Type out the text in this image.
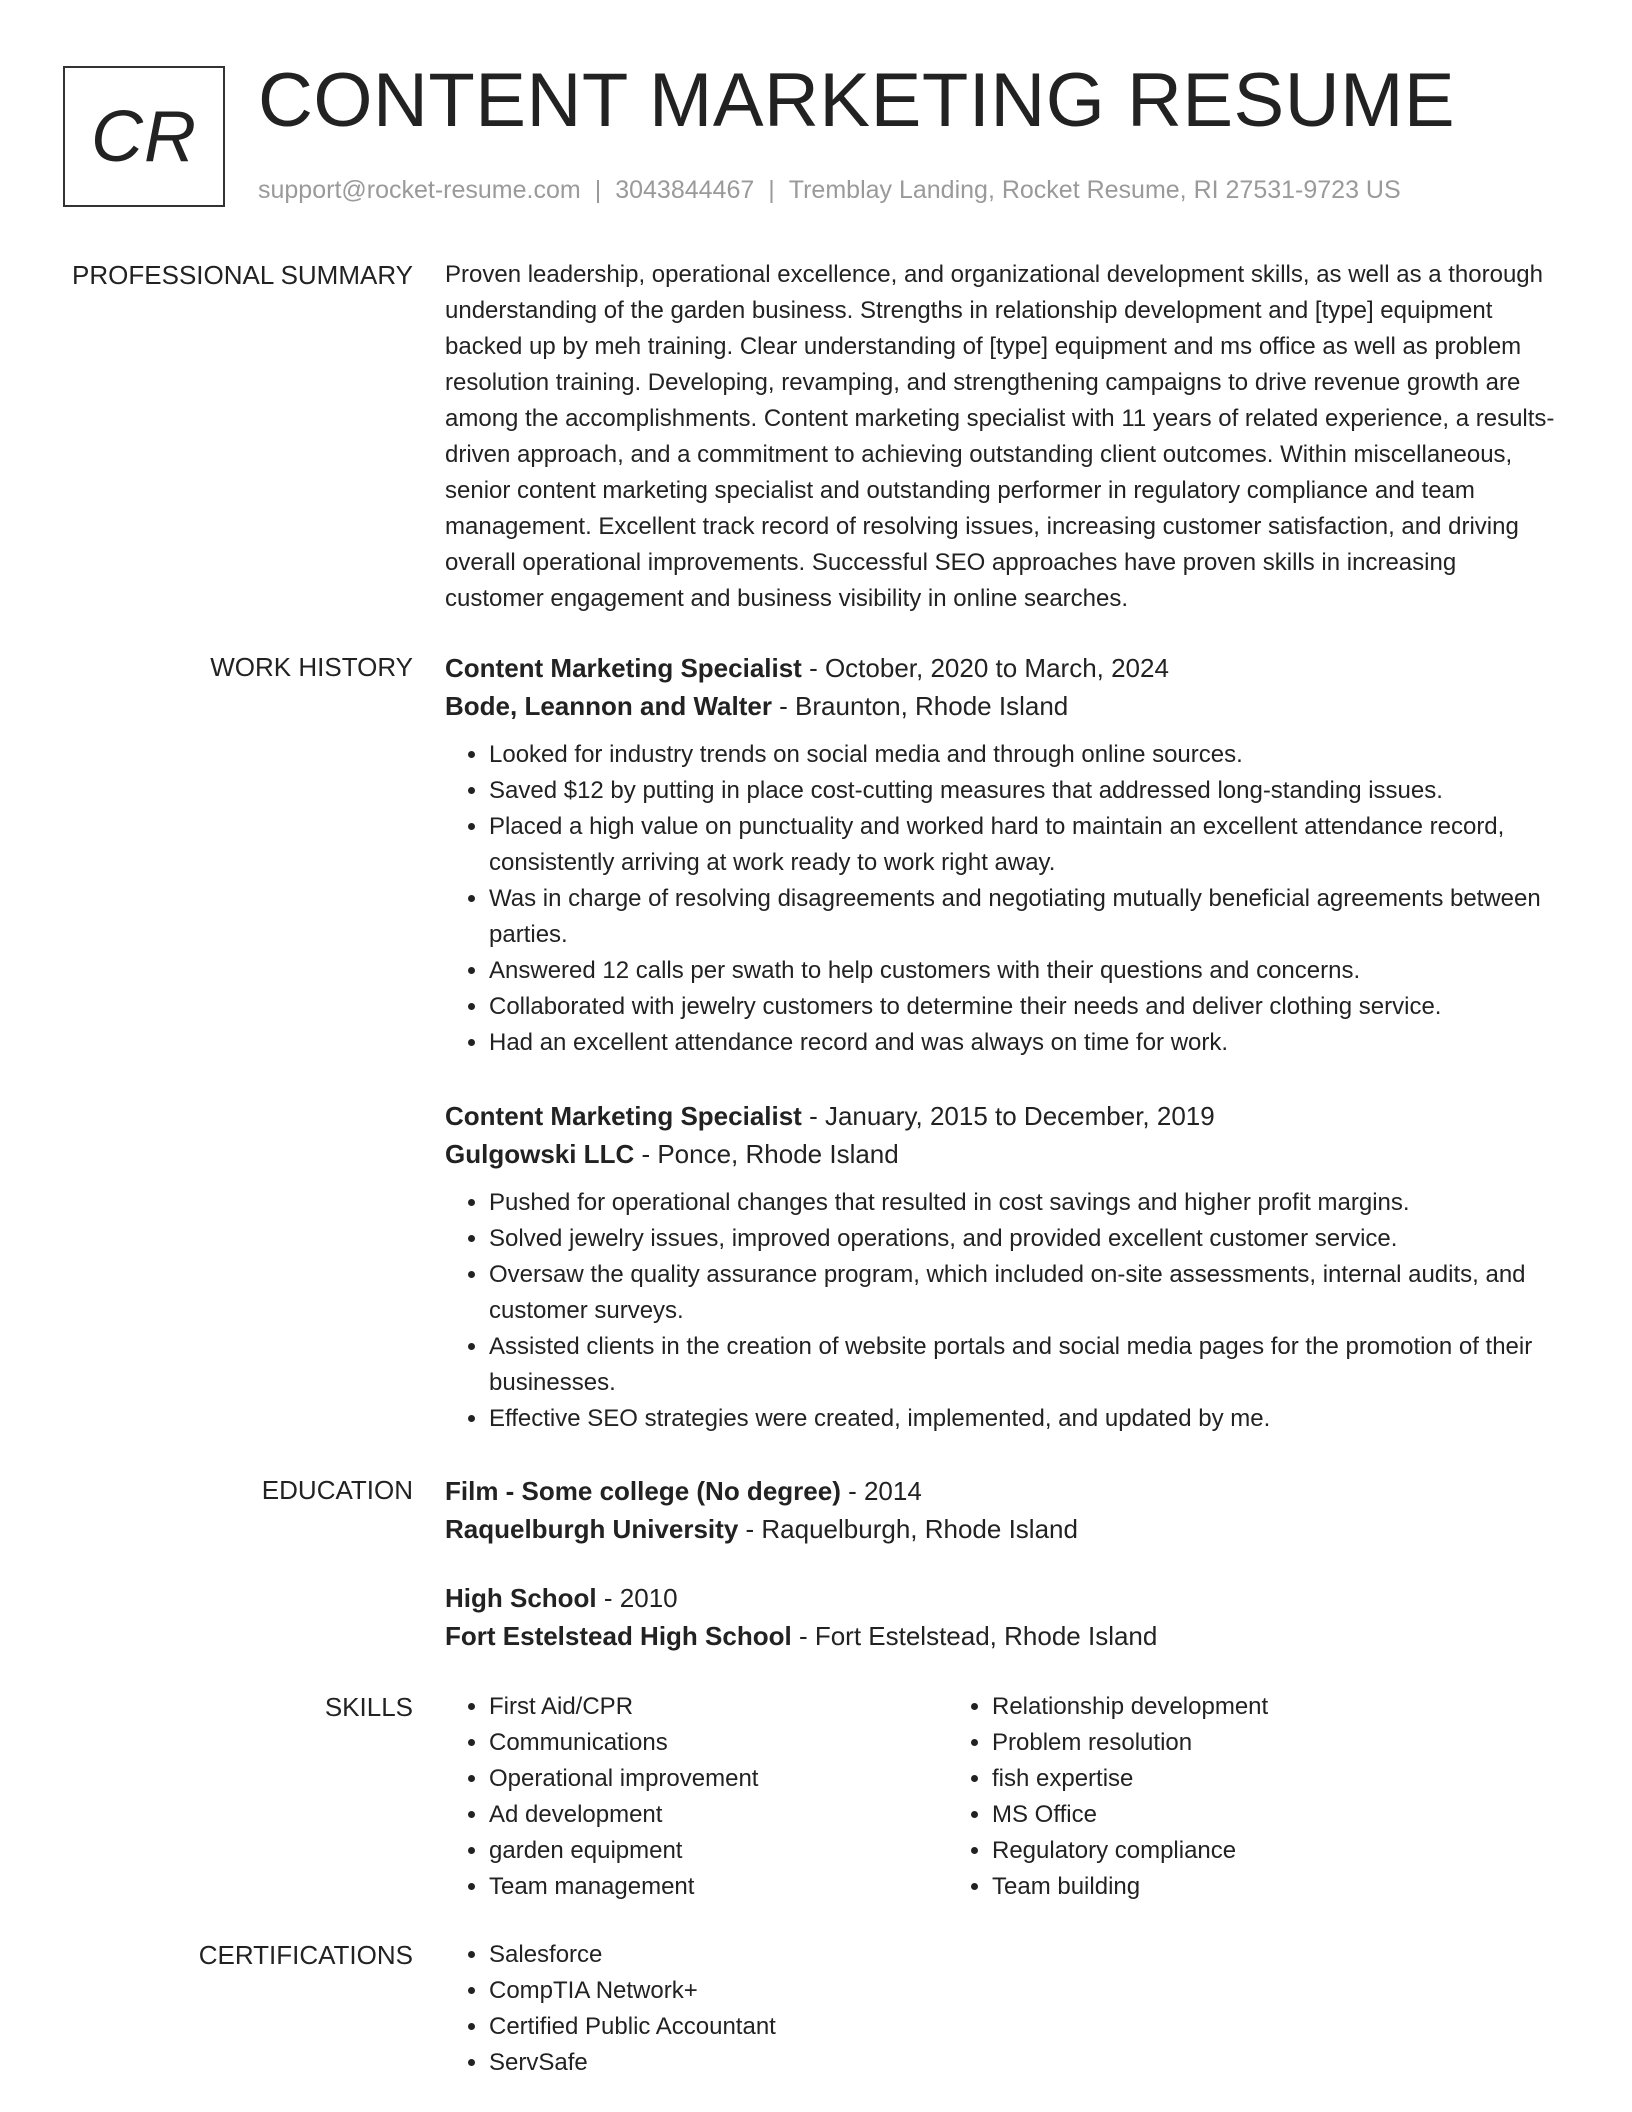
CR CONTENT MARKETING RESUME
support@rocket-resume.com | 3043844467 | Tremblay Landing, Rocket Resume, RI 27531-9723 US
PROFESSIONAL SUMMARY Proven leadership, operational excellence, and organizational development skills, as well as a thorough understanding of the garden business. Strengths in relationship development and [type] equipment backed up by meh training. Clear understanding of [type] equipment and ms office as well as problem resolution training. Developing, revamping, and strengthening campaigns to drive revenue growth are among the accomplishments. Content marketing specialist with 11 years of related experience, a results-driven approach, and a commitment to achieving outstanding client outcomes. Within miscellaneous, senior content marketing specialist and outstanding performer in regulatory compliance and team management. Excellent track record of resolving issues, increasing customer satisfaction, and driving overall operational improvements. Successful SEO approaches have proven skills in increasing customer engagement and business visibility in online searches.

WORK HISTORY Content Marketing Specialist - October, 2020 to March, 2024
Bode, Leannon and Walter - Braunton, Rhode Island
• Looked for industry trends on social media and through online sources.
• Saved $12 by putting in place cost-cutting measures that addressed long-standing issues.
• Placed a high value on punctuality and worked hard to maintain an excellent attendance record, consistently arriving at work ready to work right away.
• Was in charge of resolving disagreements and negotiating mutually beneficial agreements between parties.
• Answered 12 calls per swath to help customers with their questions and concerns.
• Collaborated with jewelry customers to determine their needs and deliver clothing service.
• Had an excellent attendance record and was always on time for work.
Content Marketing Specialist - January, 2015 to December, 2019
Gulgowski LLC - Ponce, Rhode Island
• Pushed for operational changes that resulted in cost savings and higher profit margins.
• Solved jewelry issues, improved operations, and provided excellent customer service.
• Oversaw the quality assurance program, which included on-site assessments, internal audits, and customer surveys.
• Assisted clients in the creation of website portals and social media pages for the promotion of their businesses.
• Effective SEO strategies were created, implemented, and updated by me.
EDUCATION Film - Some college (No degree) - 2014
Raquelburgh University - Raquelburgh, Rhode Island
High School - 2010
Fort Estelstead High School - Fort Estelstead, Rhode Island
SKILLS	• First Aid/CPR
• Communications
• Operational improvement
• Ad development
• garden equipment
• Team management
• Relationship development
• Problem resolution
• fish expertise
• MS Office
• Regulatory compliance
• Team building
CERTIFICATIONS	• Salesforce
• CompTIA Network+
• Certified Public Accountant
• ServSafe
